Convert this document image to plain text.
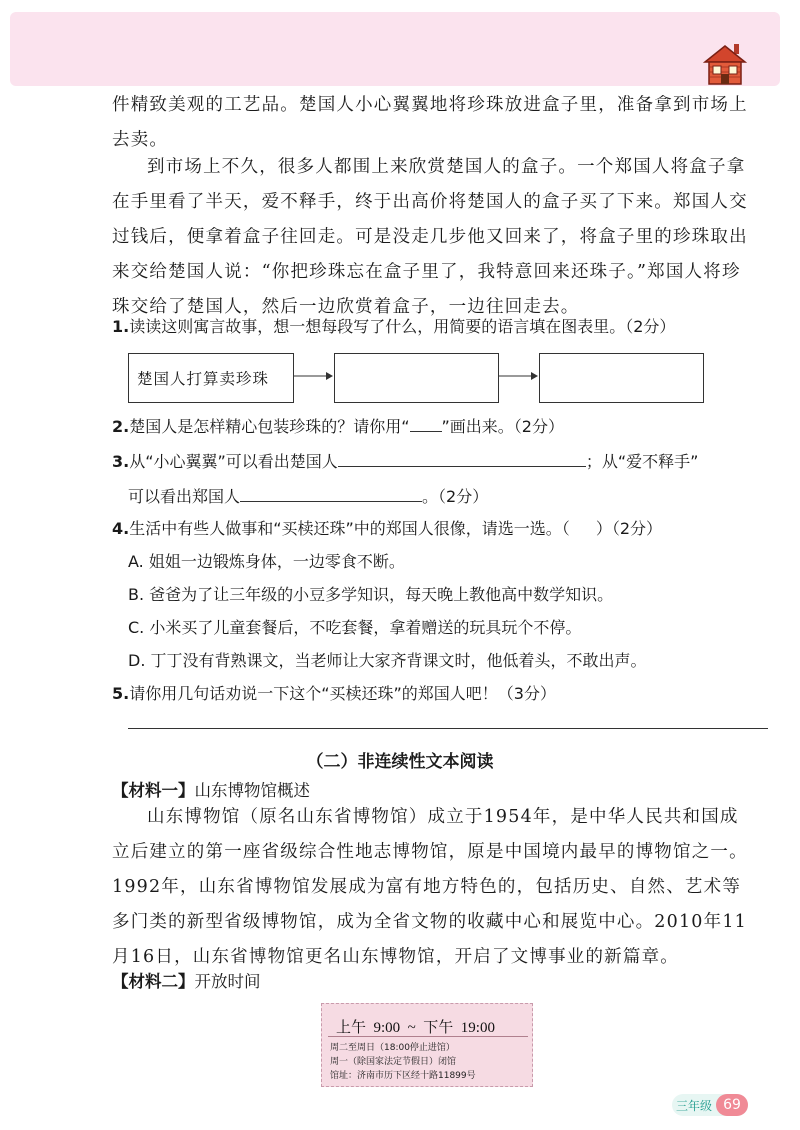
件精致美观的工艺品。楚国人小心翼翼地将珍珠放进盒子里，准备拿到市场上
去卖。

到市场上不久，很多人都围上来欣赏楚国人的盒子。一个郑国人将盒子拿在手里看了半天，爱不释手，终于出高价将楚国人的盒子买了下来。郑国人交过钱后，便拿着盒子往回走。可是没走几步他又回来了，将盒子里的珍珠取出来交给楚国人说：“你把珍珠忘在盒子里了，我特意回来还珠子。”郑国人将珍珠交给了楚国人，然后一边欣赏着盒子，一边往回走去。

1.读读这则寓言故事，想一想每段写了什么，用简要的语言填在图表里。（2分）
楚国人打算卖珍珠
2.楚国人是怎样精心包装珍珠的？请你用“ ”画出来。（2分）
3.从“小心翼翼”可以看出楚国人	；从“爱不释手”
可以看出郑国人	。（2分）
4.生活中有些人做事和“买椟还珠”中的郑国人很像，请选一选。（ ）（2分）
A. 姐姐一边锻炼身体，一边零食不断。
B. 爸爸为了让三年级的小豆多学知识，每天晚上教他高中数学知识。
C. 小米买了儿童套餐后，不吃套餐，拿着赠送的玩具玩个不停。
D. 丁丁没有背熟课文，当老师让大家齐背课文时，他低着头，不敢出声。
5.请你用几句话劝说一下这个“买椟还珠”的郑国人吧！（3分）
（二）非连续性文本阅读
【材料一】山东博物馆概述

山东博物馆（原名山东省博物馆）成立于1954年，是中华人民共和国成立后建立的第一座省级综合性地志博物馆，原是中国境内最早的博物馆之一。1992年，山东省博物馆发展成为富有地方特色的，包括历史、自然、艺术等多门类的新型省级博物馆，成为全省文物的收藏中心和展览中心。2010年11月16日，山东省博物馆更名山东博物馆，开启了文博事业的新篇章。

【材料二】开放时间
上午  9:00  ~  下午  19:00
周二至周日（18:00停止进馆）
周一（除国家法定节假日）闭馆
馆址：济南市历下区经十路11899号
三年级 69
